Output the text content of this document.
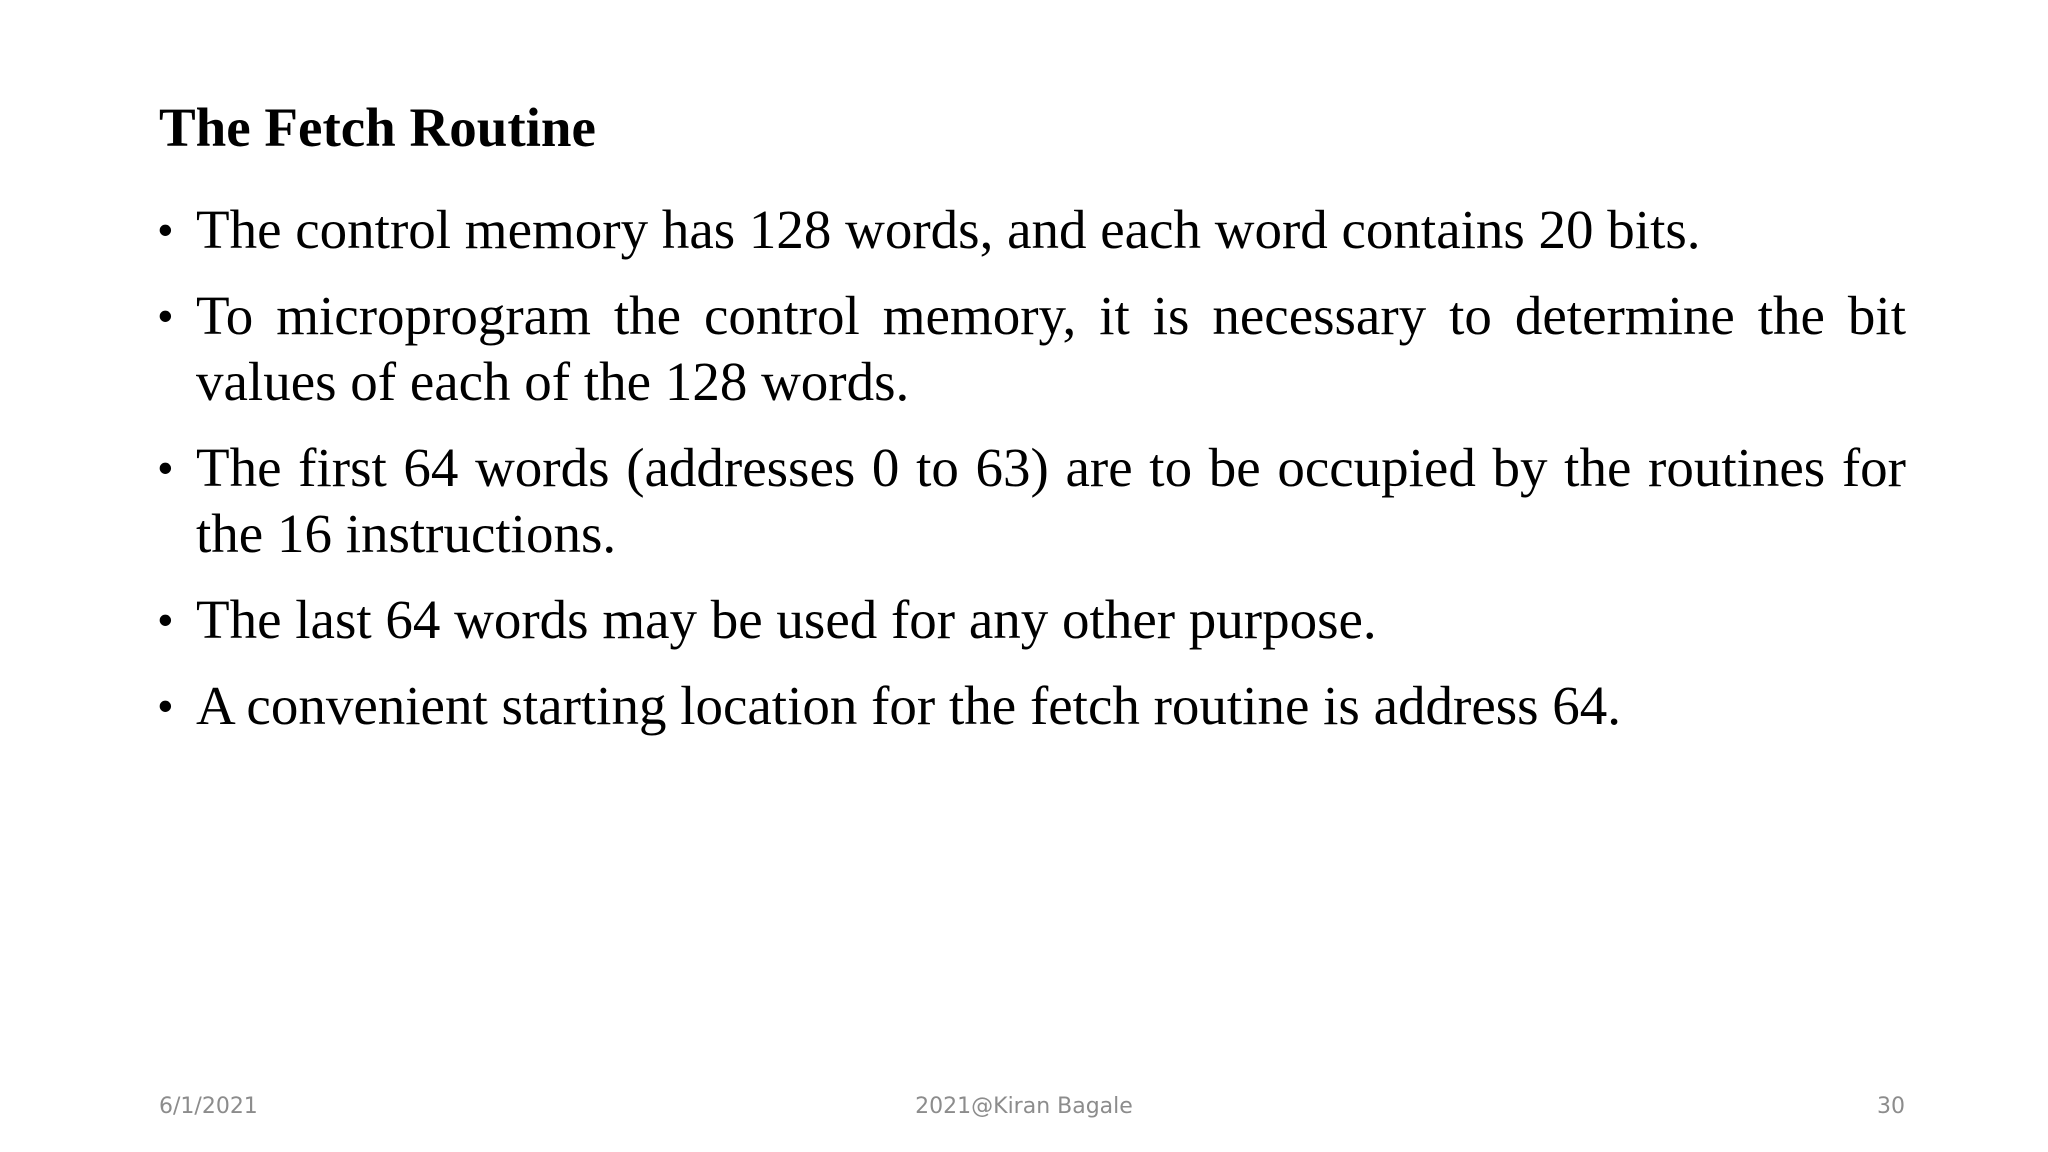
The Fetch Routine
• The control memory has 128 words, and each word contains 20 bits.
• To microprogram the control memory, it is necessary to determine the bit values of each of the 128 words.
• The first 64 words (addresses 0 to 63) are to be occupied by the routines for the 16 instructions.
• The last 64 words may be used for any other purpose.
• A convenient starting location for the fetch routine is address 64.
6/1/2021	2021@Kiran Bagale	30
